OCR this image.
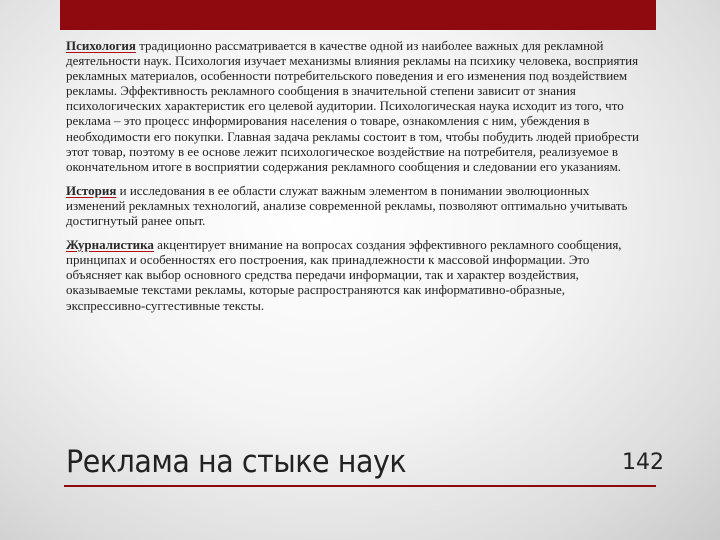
Психология традиционно рассматривается в качестве одной из наиболее важных для рекламной деятельности наук. Психология изучает механизмы влияния рекламы на психику человека, восприятия рекламных материалов, особенности потребительского поведения и его изменения под воздействием рекламы. Эффективность рекламного сообщения в значительной степени зависит от знания психологических характеристик его целевой аудитории. Психологическая наука исходит из того, что реклама – это процесс информирования населения о товаре, ознакомления с ним, убеждения в необходимости его покупки. Главная задача рекламы состоит в том, чтобы побудить людей приобрести этот товар, поэтому в ее основе лежит психологическое воздействие на потребителя, реализуемое в окончательном итоге в восприятии содержания рекламного сообщения и следовании его указаниям.

История и исследования в ее области служат важным элементом в понимании эволюционных изменений рекламных технологий, анализе современной рекламы, позволяют оптимально учитывать достигнутый ранее опыт.

Журналистика акцентирует внимание на вопросах создания эффективного рекламного сообщения, принципах и особенностях его построения, как принадлежности к массовой информации. Это объясняет как выбор основного средства передачи информации, так и характер воздействия, оказываемые текстами рекламы, которые распространяются как информативно-образные, экспрессивно-суггестивные тексты.

Реклама на стыке наук	142
